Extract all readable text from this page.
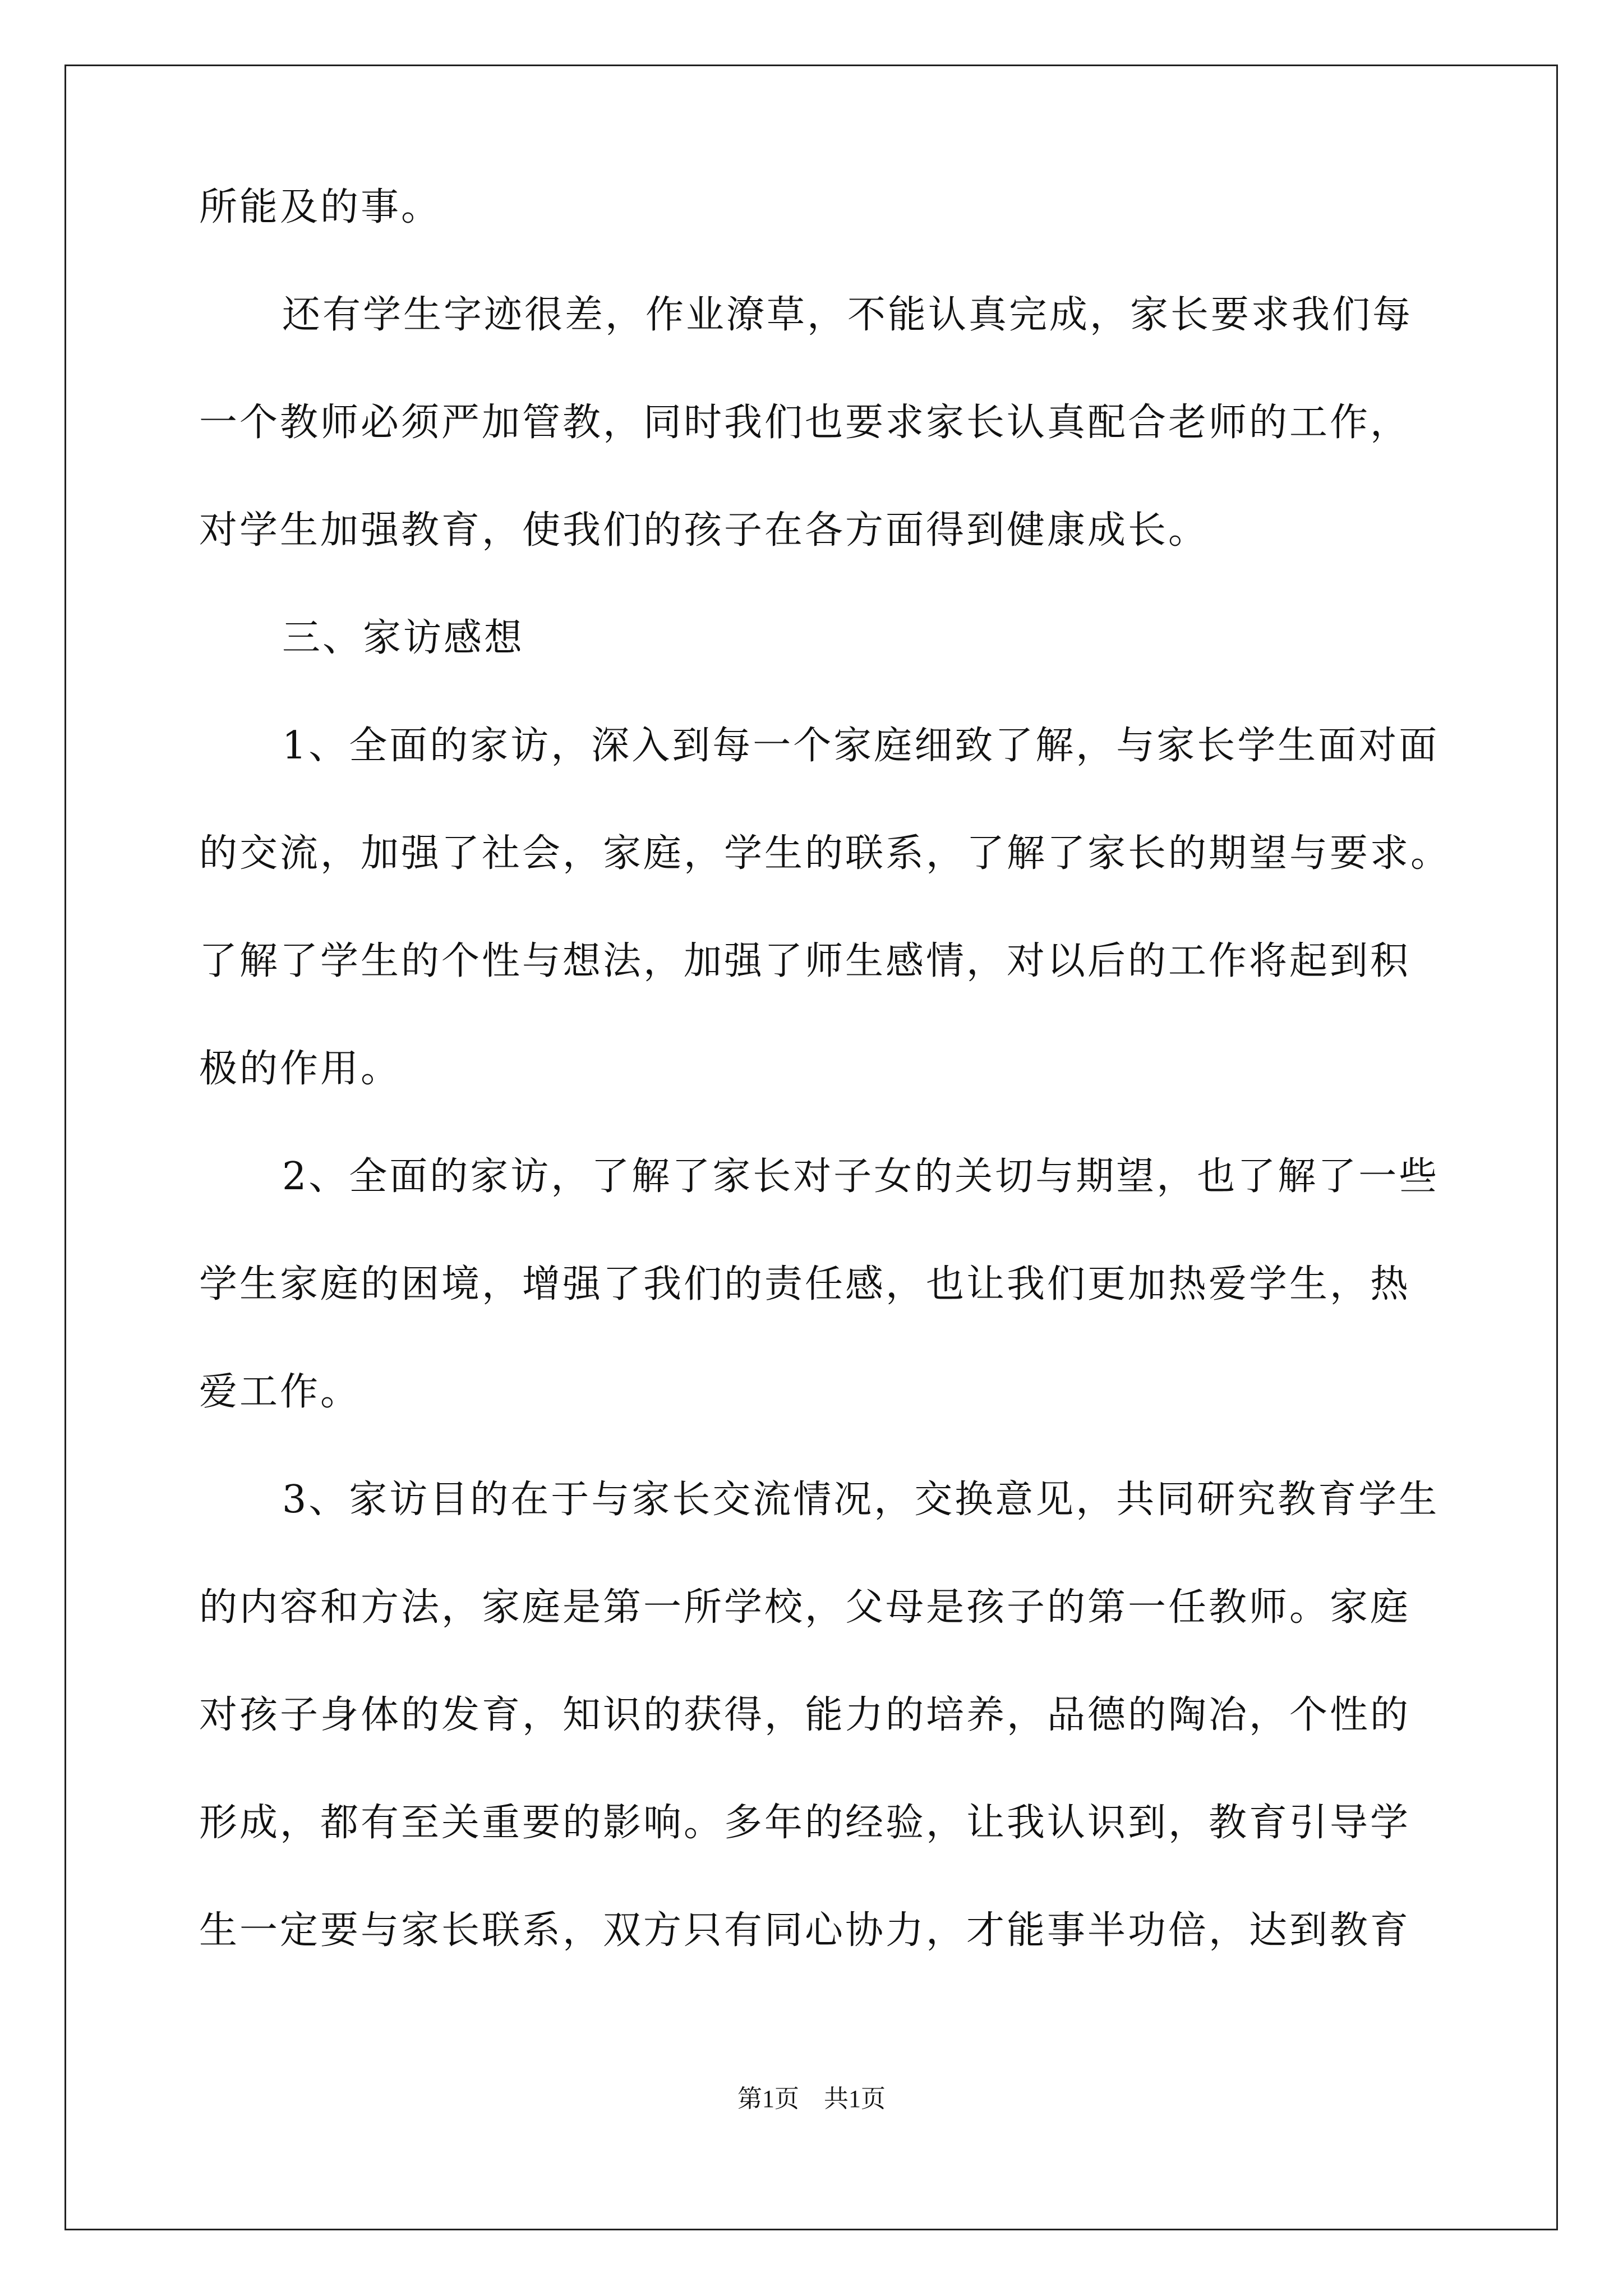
所能及的事。
还有学生字迹很差，作业潦草，不能认真完成，家长要求我们每
一个教师必须严加管教，同时我们也要求家长认真配合老师的工作，
对学生加强教育，使我们的孩子在各方面得到健康成长。
三、家访感想
1、全面的家访，深入到每一个家庭细致了解，与家长学生面对面
的交流，加强了社会，家庭，学生的联系，了解了家长的期望与要求。
了解了学生的个性与想法，加强了师生感情，对以后的工作将起到积
极的作用。
2、全面的家访，了解了家长对子女的关切与期望，也了解了一些
学生家庭的困境，增强了我们的责任感，也让我们更加热爱学生，热
爱工作。
3、家访目的在于与家长交流情况，交换意见，共同研究教育学生
的内容和方法，家庭是第一所学校，父母是孩子的第一任教师。家庭
对孩子身体的发育，知识的获得，能力的培养，品德的陶冶，个性的
形成，都有至关重要的影响。多年的经验，让我认识到，教育引导学
生一定要与家长联系，双方只有同心协力，才能事半功倍，达到教育
第1页　共1页
